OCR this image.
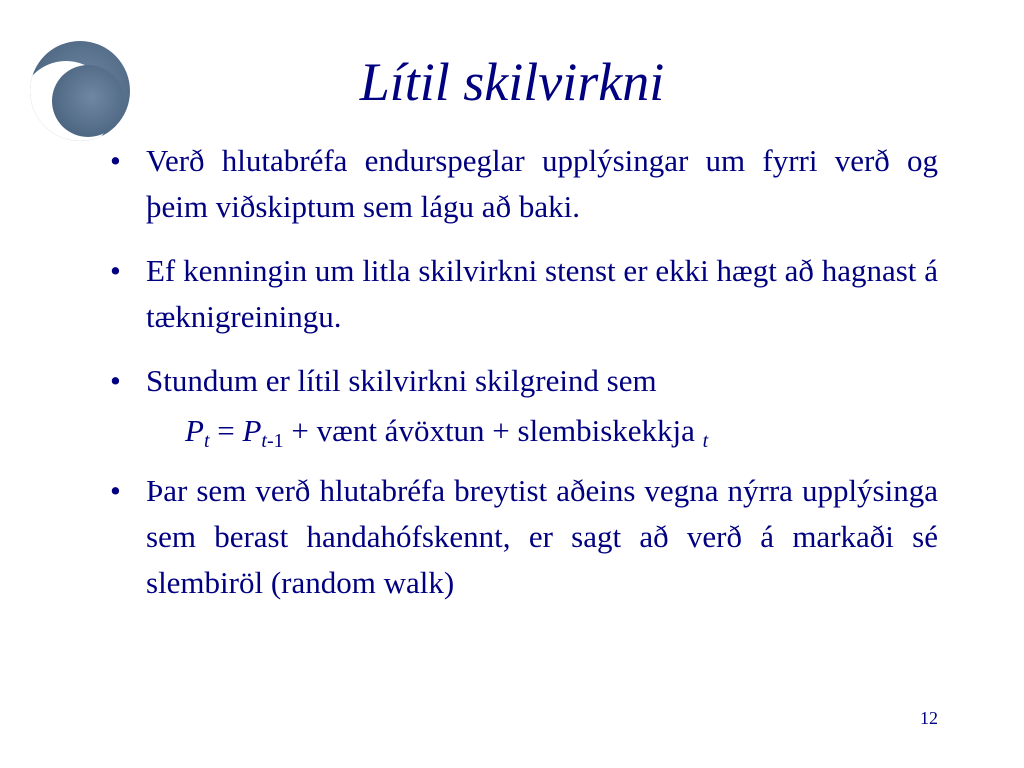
Lítil skilvirkni
• Verð hlutabréfa endurspeglar upplýsingar um fyrri verð og þeim viðskiptum sem lágu að baki.
• Ef kenningin um litla skilvirkni stenst er ekki hægt að hagnast á tæknigreiningu.
• Stundum er lítil skilvirkni skilgreind sem
$P_t = P_{t-1}$ + vænt ávöxtun + slembiskekkja $_t$
• Þar sem verð hlutabréfa breytist aðeins vegna nýrra upplýsinga sem berast handahófskennt, er sagt að verð á markaði sé slembiröl (random walk)
12
